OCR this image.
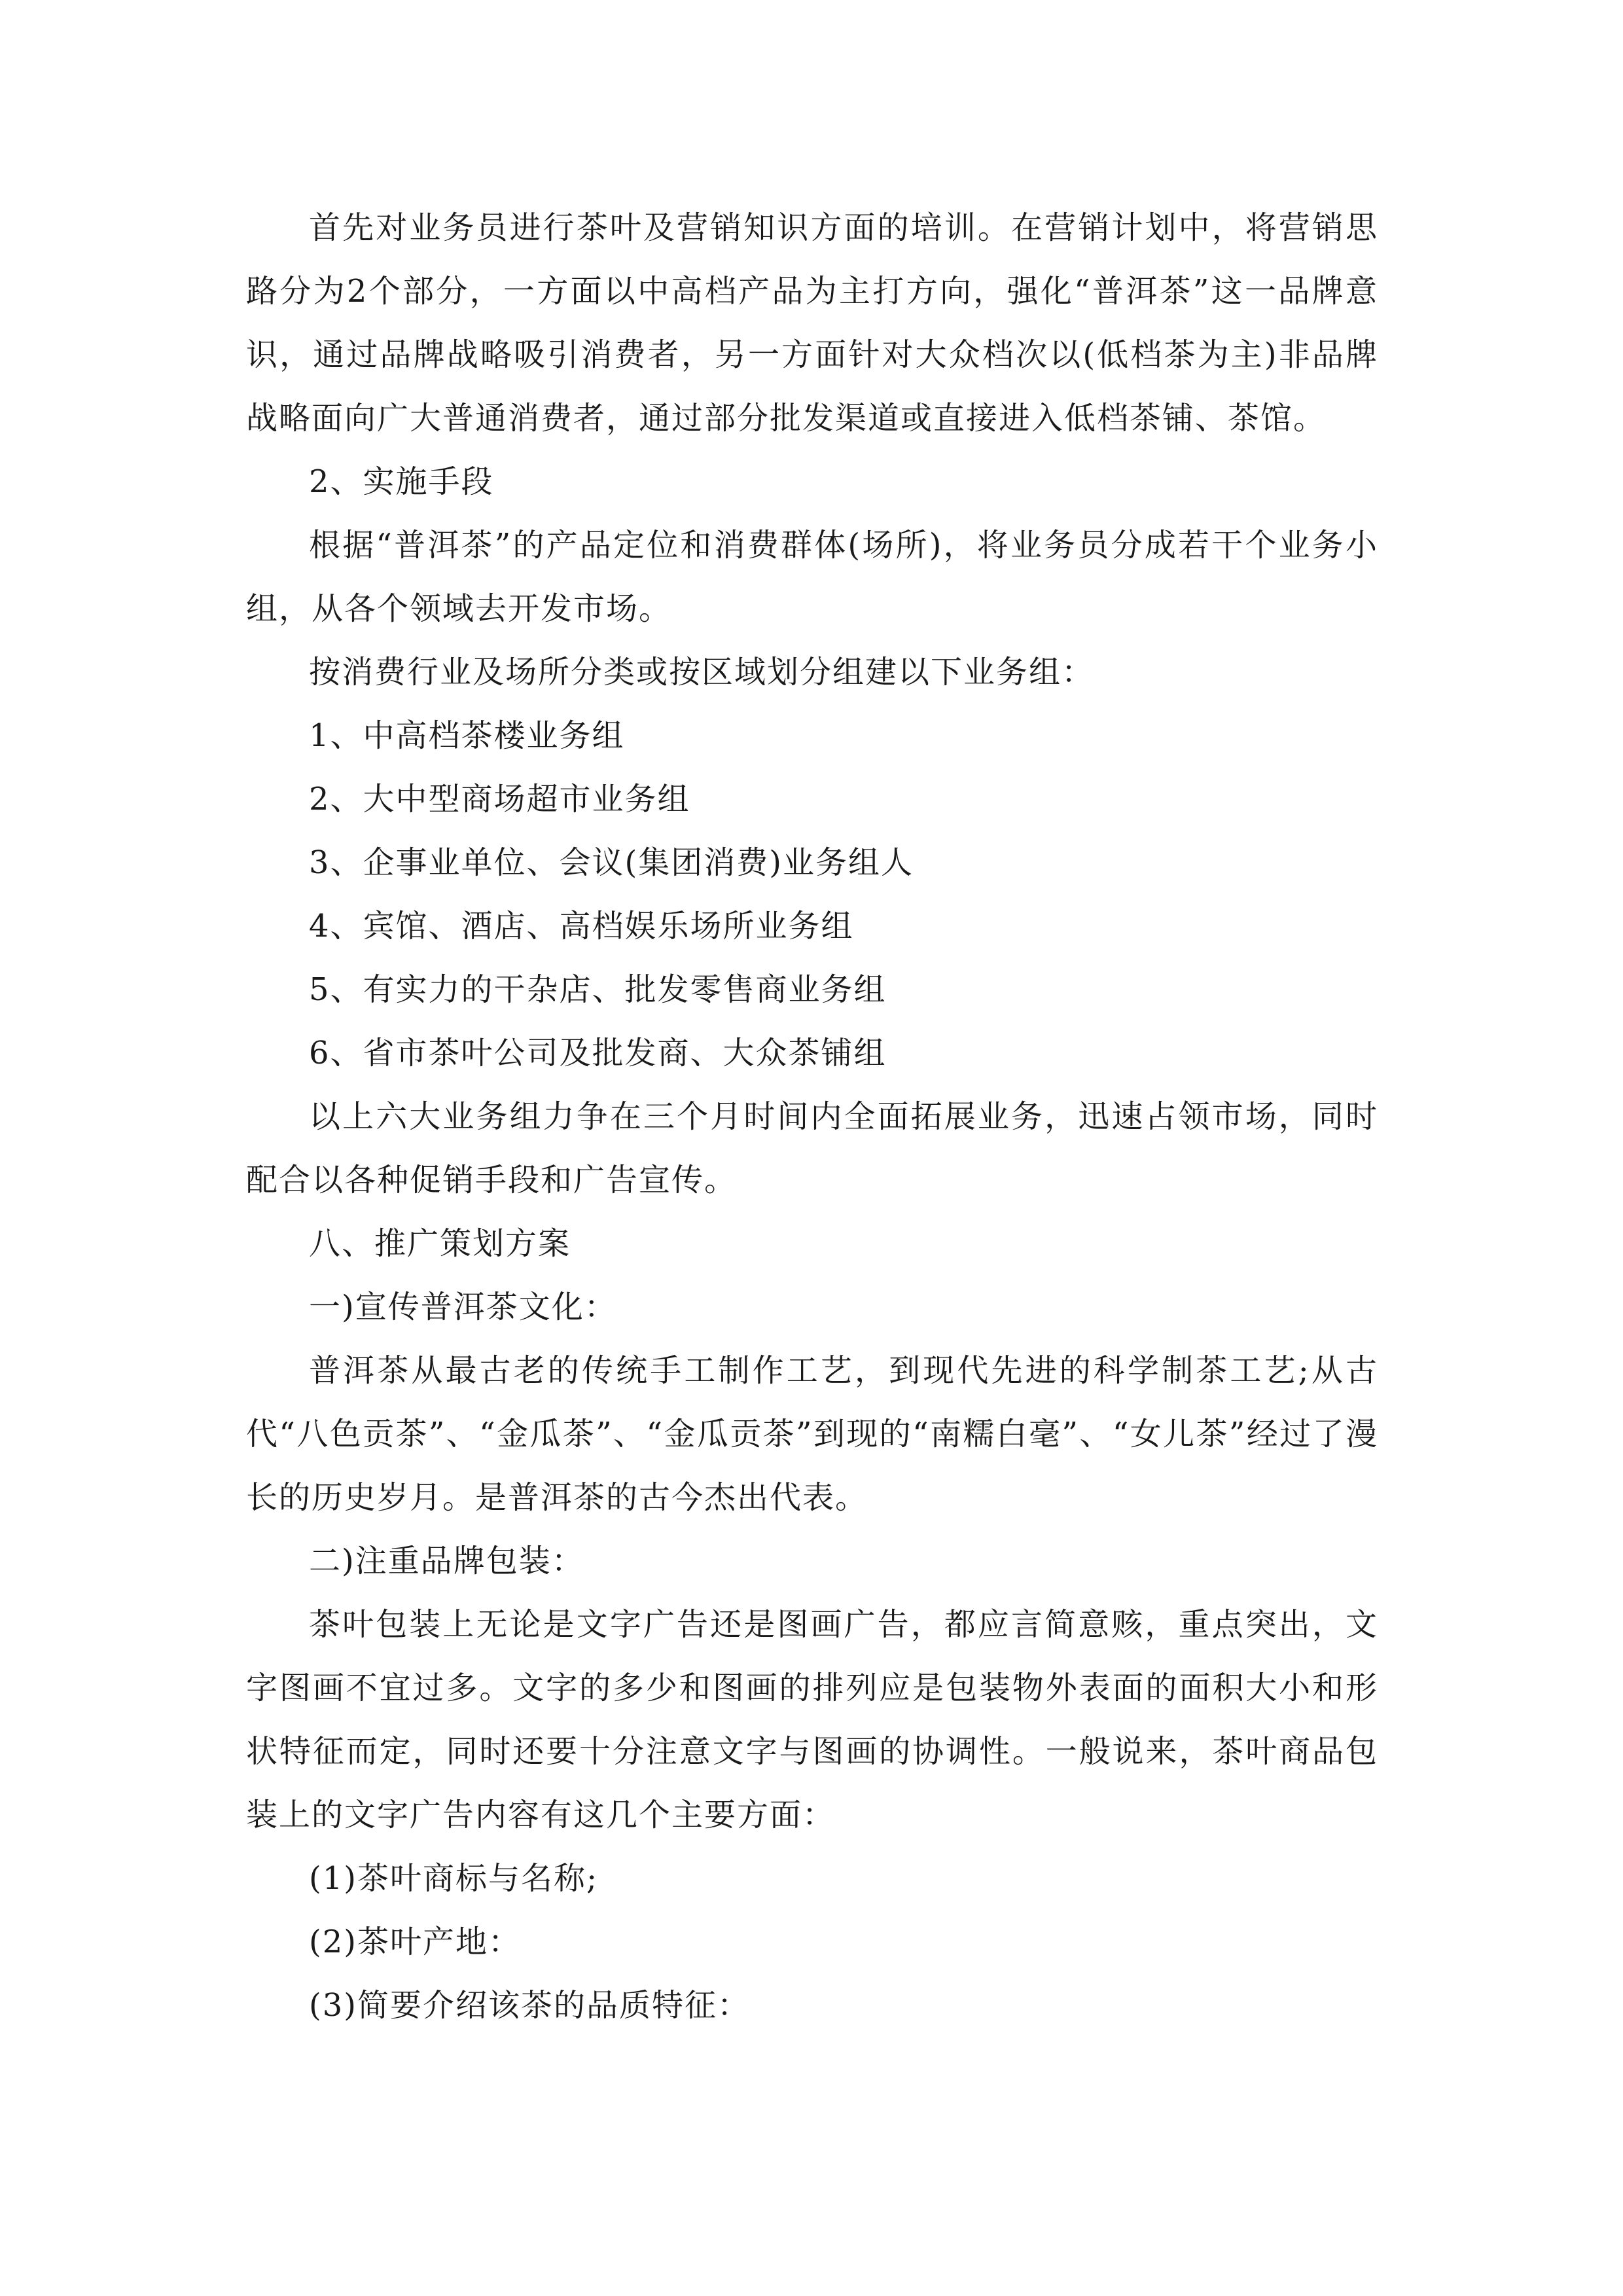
首先对业务员进行茶叶及营销知识方面的培训。在营销计划中，将营销思路分为2个部分，一方面以中高档产品为主打方向，强化“普洱茶”这一品牌意识，通过品牌战略吸引消费者，另一方面针对大众档次以(低档茶为主)非品牌战略面向广大普通消费者，通过部分批发渠道或直接进入低档茶铺、茶馆。

2、实施手段

根据“普洱茶”的产品定位和消费群体(场所)，将业务员分成若干个业务小组，从各个领域去开发市场。

按消费行业及场所分类或按区域划分组建以下业务组：

1、中高档茶楼业务组

2、大中型商场超市业务组

3、企事业单位、会议(集团消费)业务组人

4、宾馆、酒店、高档娱乐场所业务组

5、有实力的干杂店、批发零售商业务组

6、省市茶叶公司及批发商、大众茶铺组

以上六大业务组力争在三个月时间内全面拓展业务，迅速占领市场，同时配合以各种促销手段和广告宣传。

八、推广策划方案

一)宣传普洱茶文化：

普洱茶从最古老的传统手工制作工艺，到现代先进的科学制茶工艺;从古代“八色贡茶”、“金瓜茶”、“金瓜贡茶”到现的“南糯白毫”、“女儿茶”经过了漫长的历史岁月。是普洱茶的古今杰出代表。

二)注重品牌包装：

茶叶包装上无论是文字广告还是图画广告，都应言简意赅，重点突出，文字图画不宜过多。文字的多少和图画的排列应是包装物外表面的面积大小和形状特征而定，同时还要十分注意文字与图画的协调性。一般说来，茶叶商品包装上的文字广告内容有这几个主要方面：

(1)茶叶商标与名称;

(2)茶叶产地：

(3)简要介绍该茶的品质特征：
